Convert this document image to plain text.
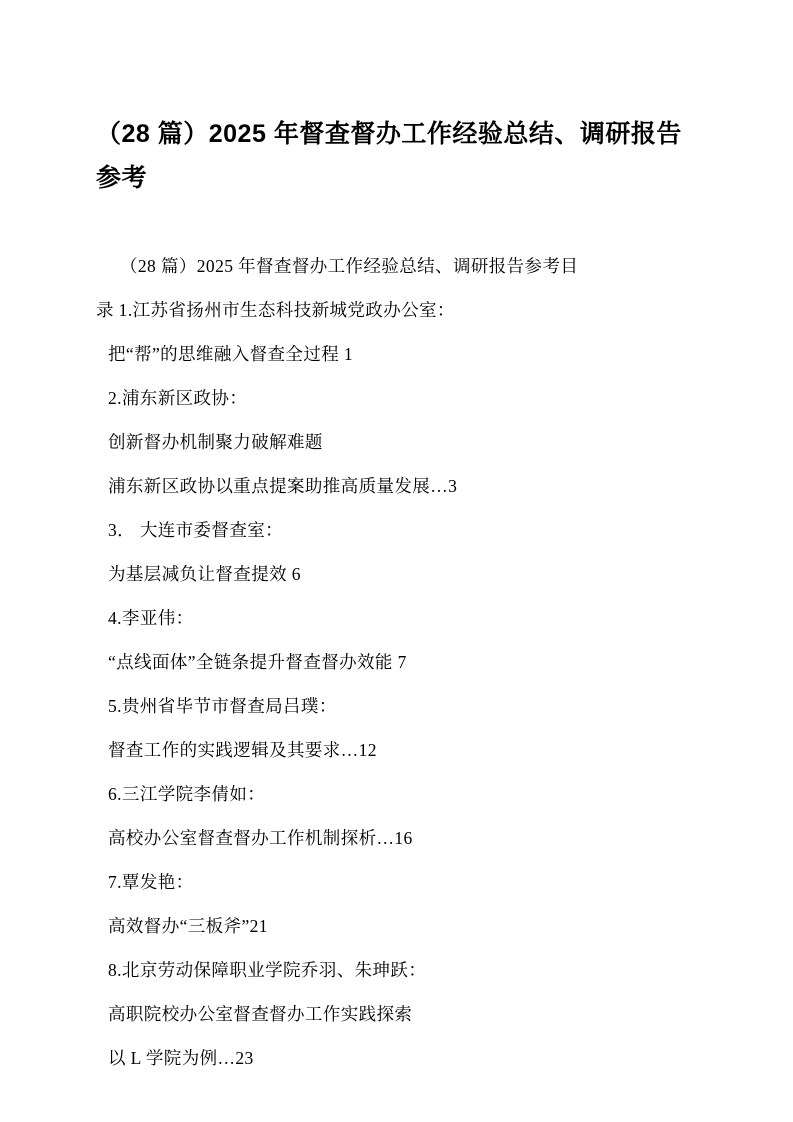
（28 篇）2025 年督查督办工作经验总结、调研报告参考

（28 篇）2025 年督查督办工作经验总结、调研报告参考目

录 1.江苏省扬州市生态科技新城党政办公室：

把“帮”的思维融入督查全过程 1

2.浦东新区政协：

创新督办机制聚力破解难题

浦东新区政协以重点提案助推高质量发展…3

3． 大连市委督查室：

为基层减负让督查提效 6

4.李亚伟：

“点线面体”全链条提升督查督办效能 7

5.贵州省毕节市督查局吕璞：

督查工作的实践逻辑及其要求…12

6.三江学院李倩如：

高校办公室督查督办工作机制探析…16

7.覃发艳：

高效督办“三板斧”21

8.北京劳动保障职业学院乔羽、朱珅跃：

高职院校办公室督查督办工作实践探索

以 L 学院为例…23
